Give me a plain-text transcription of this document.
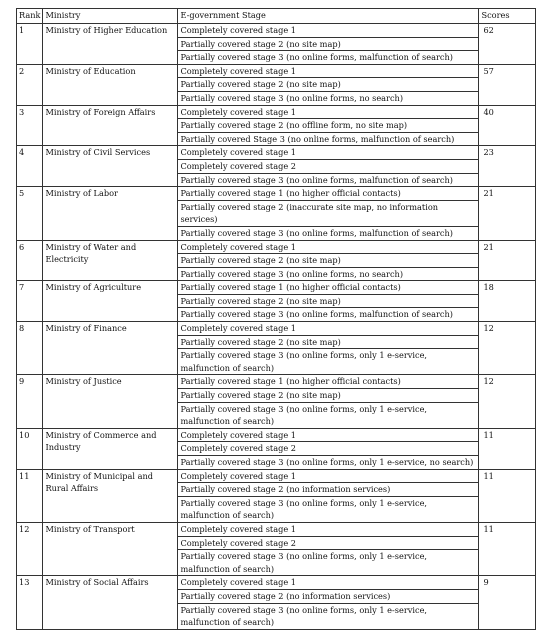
Rank	Ministry	E-government Stage	Scores
1	Ministry of Higher Education	Completely covered stage 1
Partially covered stage 2 (no site map)
Partially covered stage 3 (no online forms, malfunction of search)	62
2	Ministry of Education	Completely covered stage 1
Partially covered stage 2 (no site map)
Partially covered stage 3 (no online forms, no search)	57
3	Ministry of Foreign Affairs	Completely covered stage 1
Partially covered stage 2 (no offline form, no site map)
Partially covered Stage 3 (no online forms, malfunction of search)	40
4	Ministry of Civil Services	Completely covered stage 1
Completely covered stage 2
Partially covered stage 3 (no online forms, malfunction of search)	23
5	Ministry of Labor	Partially covered stage 1 (no higher official contacts)
Partially covered stage 2 (inaccurate site map, no information services)
Partially covered stage 3 (no online forms, malfunction of search)	21
6	Ministry of Water and Electricity	Completely covered stage 1
Partially covered stage 2 (no site map)
Partially covered stage 3 (no online forms, no search)	21
7	Ministry of Agriculture	Partially covered stage 1 (no higher official contacts)
Partially covered stage 2 (no site map)
Partially covered stage 3 (no online forms, malfunction of search)	18
8	Ministry of Finance	Completely covered stage 1
Partially covered stage 2 (no site map)
Partially covered stage 3 (no online forms, only 1 e-service, malfunction of search)	12
9	Ministry of Justice	Partially covered stage 1 (no higher official contacts)
Partially covered stage 2 (no site map)
Partially covered stage 3 (no online forms, only 1 e-service, malfunction of search)	12
10	Ministry of Commerce and Industry	Completely covered stage 1
Completely covered stage 2
Partially covered stage 3 (no online forms, only 1 e-service, no search)	11
11	Ministry of Municipal and Rural Affairs	Completely covered stage 1
Partially covered stage 2 (no information services)
Partially covered stage 3 (no online forms, only 1 e-service, malfunction of search)	11
12	Ministry of Transport	Completely covered stage 1
Completely covered stage 2
Partially covered stage 3 (no online forms, only 1 e-service, malfunction of search)	11
13	Ministry of Social Affairs	Completely covered stage 1
Partially covered stage 2 (no information services)
Partially covered stage 3 (no online forms, only 1 e-service, malfunction of search)	9
